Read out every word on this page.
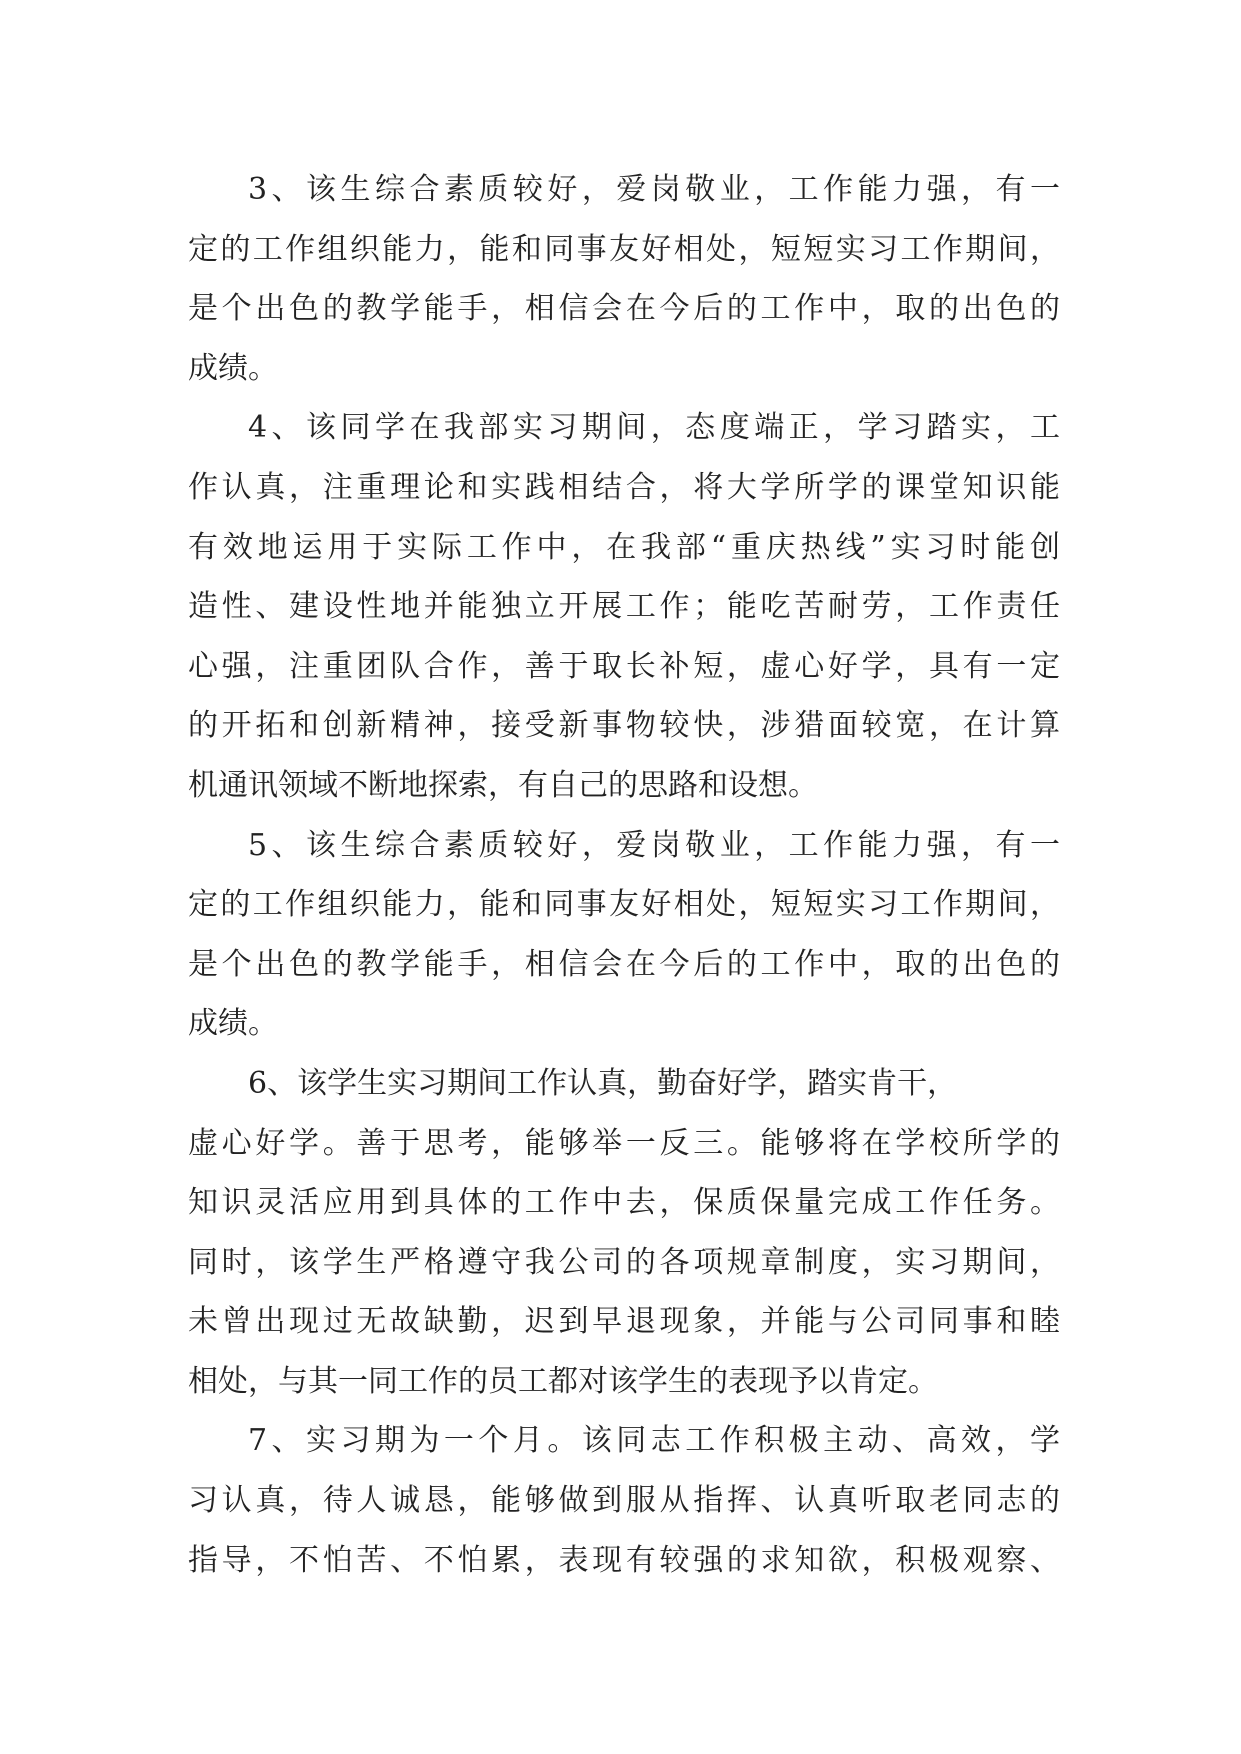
3、该生综合素质较好，爱岗敬业，工作能力强，有一
定的工作组织能力，能和同事友好相处，短短实习工作期间，
是个出色的教学能手，相信会在今后的工作中，取的出色的
成绩。
4、该同学在我部实习期间，态度端正，学习踏实，工
作认真，注重理论和实践相结合，将大学所学的课堂知识能
有效地运用于实际工作中，在我部“重庆热线”实习时能创
造性、建设性地并能独立开展工作；能吃苦耐劳，工作责任
心强，注重团队合作，善于取长补短，虚心好学，具有一定
的开拓和创新精神，接受新事物较快，涉猎面较宽，在计算
机通讯领域不断地探索，有自己的思路和设想。
5、该生综合素质较好，爱岗敬业，工作能力强，有一
定的工作组织能力，能和同事友好相处，短短实习工作期间，
是个出色的教学能手，相信会在今后的工作中，取的出色的
成绩。
6、该学生实习期间工作认真，勤奋好学，踏实肯干，
虚心好学。善于思考，能够举一反三。能够将在学校所学的
知识灵活应用到具体的工作中去，保质保量完成工作任务。
同时，该学生严格遵守我公司的各项规章制度，实习期间，
未曾出现过无故缺勤，迟到早退现象，并能与公司同事和睦
相处，与其一同工作的员工都对该学生的表现予以肯定。
7、实习期为一个月。该同志工作积极主动、高效，学
习认真，待人诚恳，能够做到服从指挥、认真听取老同志的
指导，不怕苦、不怕累，表现有较强的求知欲，积极观察、
